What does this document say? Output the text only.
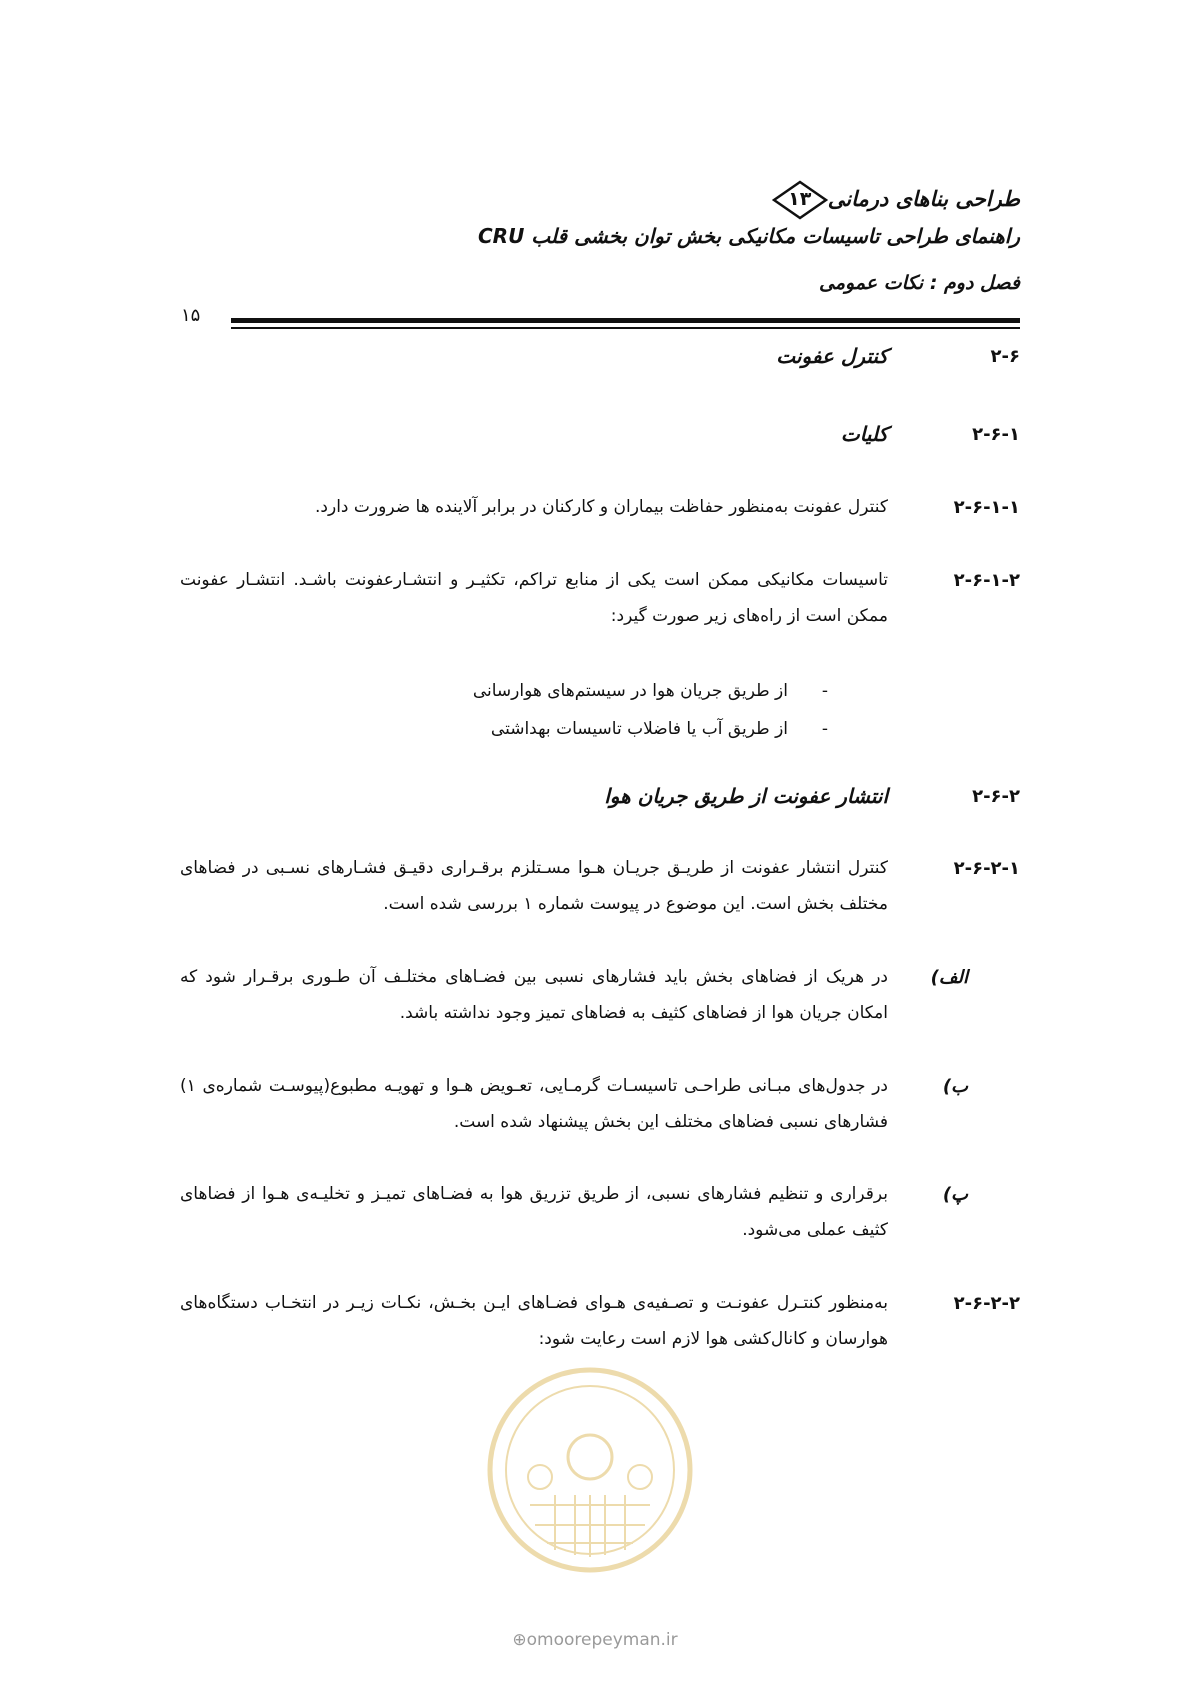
طراحی بناهای درمانی
۱۳
راهنمای طراحی تاسیسات مکانیکی بخش توان بخشی قلب CRU
فصل دوم : نکات عمومی
۱۵
۲-۶
کنترل عفونت
۲-۶-۱
کلیات
۲-۶-۱-۱

کنترل عفونت به‌منظور حفاظت بیماران و کارکنان در برابر آلاینده ها ضرورت دارد.

۲-۶-۱-۲

تاسیسات مکانیکی ممکن است یکی از منابع تراکم، تکثیـر و انتشـارعفونت باشـد. انتشـار عفونت ممکن است از راه‌های زیر صورت گیرد:

-از طریق جریان هوا در سیستم‌های هوارسانی
-از طریق آب یا فاضلاب تاسیسات بهداشتی
۲-۶-۲
انتشار عفونت از طریق جریان هوا
۲-۶-۲-۱

کنترل انتشار عفونت از طریـق جریـان هـوا مسـتلزم برقـراری دقیـق فشـارهای نسـبی در فضاهای مختلف بخش است. این موضوع در پیوست شماره ۱ بررسی شده است.

الف)

در هریک از فضاهای بخش باید فشارهای نسبی بین فضـاهای مختلـف آن طـوری برقـرار شود که امکان جریان هوا از فضاهای کثیف به فضاهای تمیز وجود نداشته باشد.

ب)

در جدول‌های مبـانی طراحـی تاسیسـات گرمـایی، تعـویض هـوا و تهویـه مطبوع(پیوسـت شماره‌ی ۱) فشارهای نسبی فضاهای مختلف این بخش پیشنهاد شده است.

پ)

برقراری و تنظیم فشارهای نسبی، از طریق تزریق هوا به فضـاهای تمیـز و تخلیـه‌ی هـوا از فضاهای کثیف عملی می‌شود.

۲-۶-۲-۲

به‌منظور کنتـرل عفونـت و تصـفیه‌ی هـوای فضـاهای ایـن بخـش، نکـات زیـر در انتخـاب دستگاه‌های هوارسان و کانال‌کشی هوا لازم است رعایت شود:

⊕omoorepeyman.ir
